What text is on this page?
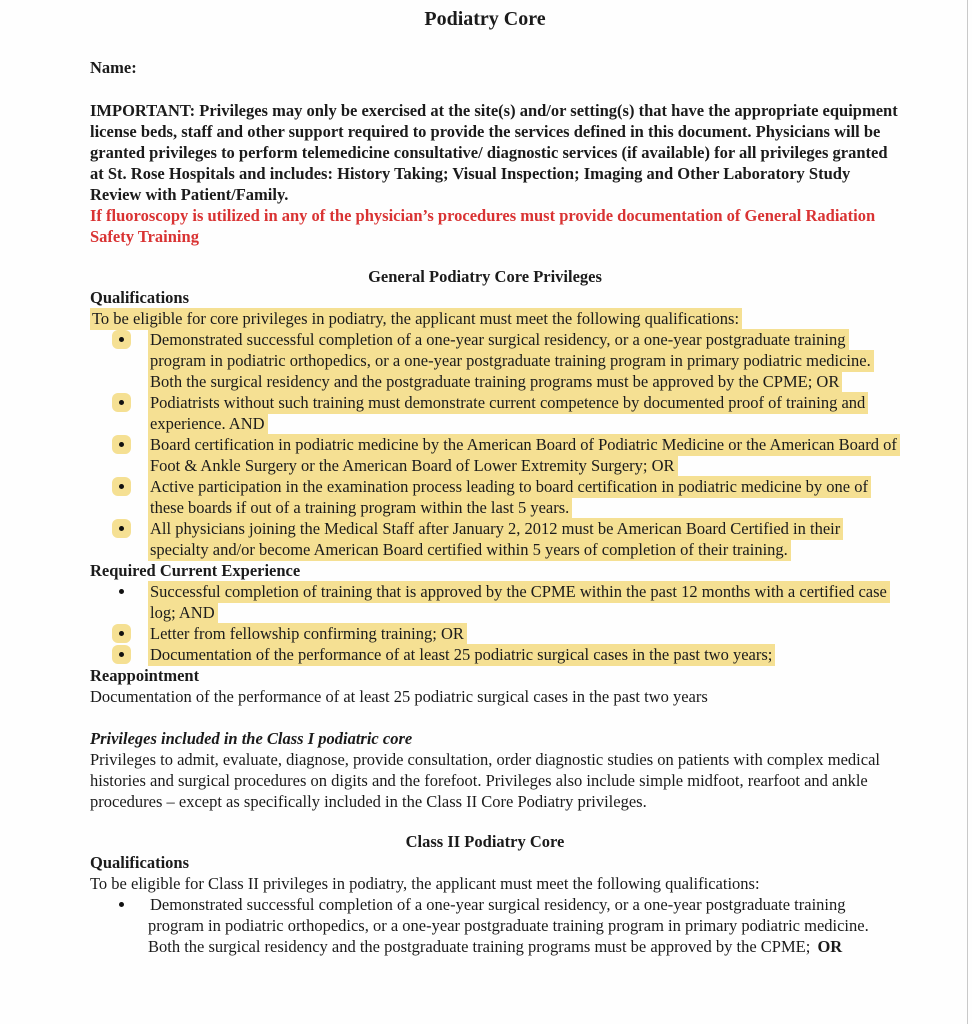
Podiatry Core
Name:

IMPORTANT: Privileges may only be exercised at the site(s) and/or setting(s) that have the appropriate equipment license beds, staff and other support required to provide the services defined in this document. Physicians will be granted privileges to perform telemedicine consultative/ diagnostic services (if available) for all privileges granted at St. Rose Hospitals and includes: History Taking; Visual Inspection; Imaging and Other Laboratory Study Review with Patient/Family.

If fluoroscopy is utilized in any of the physician’s procedures must provide documentation of General Radiation Safety Training

General Podiatry Core Privileges
Qualifications
To be eligible for core privileges in podiatry, the applicant must meet the following qualifications:
Demonstrated successful completion of a one-year surgical residency, or a one-year postgraduate training program in podiatric orthopedics, or a one-year postgraduate training program in primary podiatric medicine. Both the surgical residency and the postgraduate training programs must be approved by the CPME; OR
Podiatrists without such training must demonstrate current competence by documented proof of training and experience. AND
Board certification in podiatric medicine by the American Board of Podiatric Medicine or the American Board of Foot & Ankle Surgery or the American Board of Lower Extremity Surgery; OR
Active participation in the examination process leading to board certification in podiatric medicine by one of these boards if out of a training program within the last 5 years.
All physicians joining the Medical Staff after January 2, 2012 must be American Board Certified in their specialty and/or become American Board certified within 5 years of completion of their training.
Required Current Experience
Successful completion of training that is approved by the CPME within the past 12 months with a certified case log; AND
Letter from fellowship confirming training; OR
Documentation of the performance of at least 25 podiatric surgical cases in the past two years;
Reappointment

Documentation of the performance of at least 25 podiatric surgical cases in the past two years

Privileges included in the Class I podiatric core

Privileges to admit, evaluate, diagnose, provide consultation, order diagnostic studies on patients with complex medical histories and surgical procedures on digits and the forefoot. Privileges also include simple midfoot, rearfoot and ankle procedures – except as specifically included in the Class II Core Podiatry privileges.

Class II Podiatry Core
Qualifications
To be eligible for Class II privileges in podiatry, the applicant must meet the following qualifications:
Demonstrated successful completion of a one-year surgical residency, or a one-year postgraduate training program in podiatric orthopedics, or a one-year postgraduate training program in primary podiatric medicine. Both the surgical residency and the postgraduate training programs must be approved by the CPME; OR
